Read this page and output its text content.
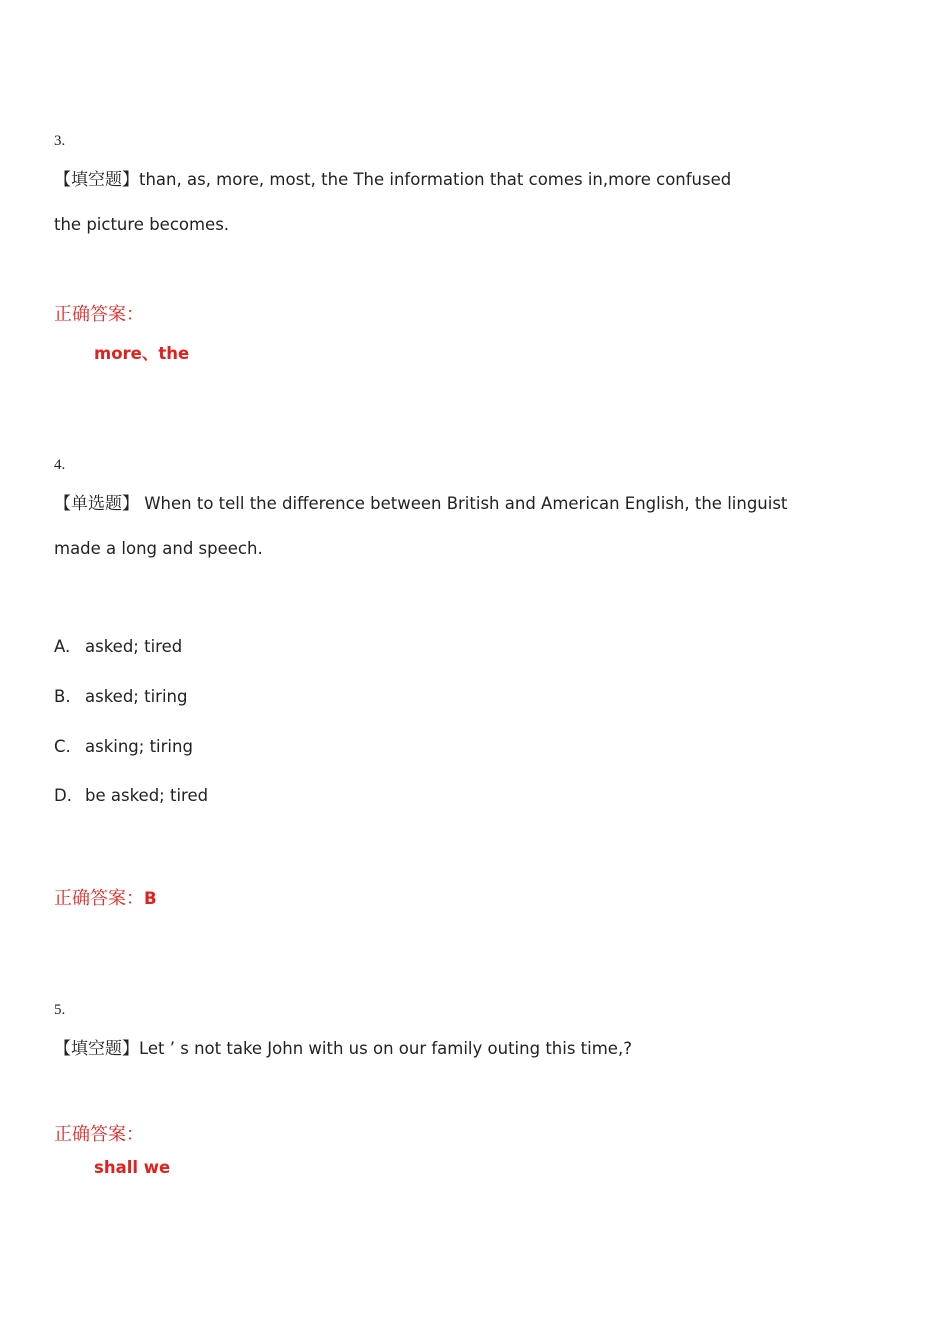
3.
【填空题】than, as, more, most, the The information that comes in,more confused
the picture becomes.
正确答案：
more、the
4.
【单选题】 When to tell the difference between British and American English, the linguist
made a long and speech.
A. asked; tired
B. asked; tiring
C. asking; tiring
D. be asked; tired
正确答案：B
5.
【填空题】Let ’ s not take John with us on our family outing this time,?
正确答案：
shall we
